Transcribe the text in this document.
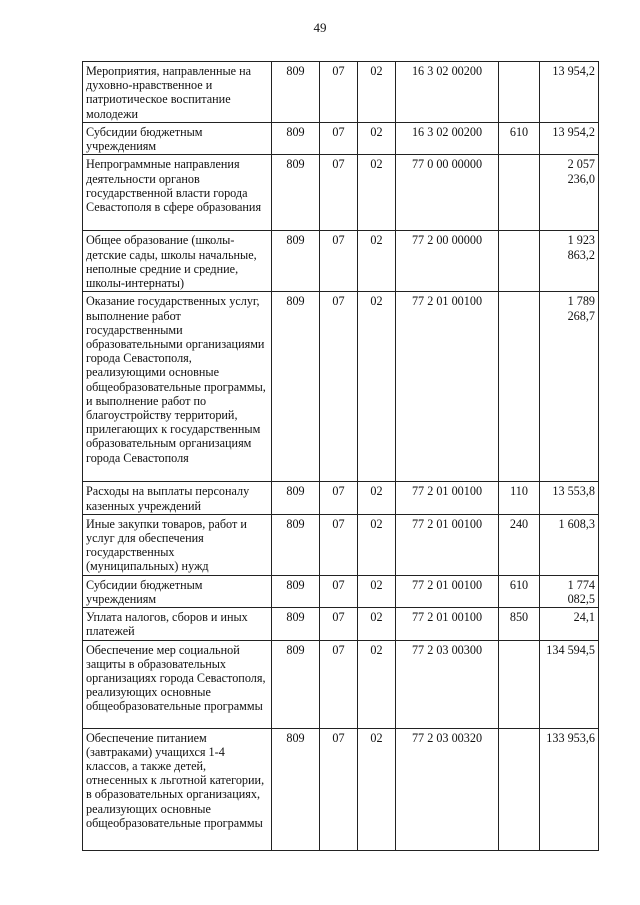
49
Мероприятия, направленные на духовно-нравственное и патриотическое воспитание молодежи	809	07	02	16 3 02 00200		13 954,2
Субсидии бюджетным учреждениям	809	07	02	16 3 02 00200	610	13 954,2
Непрограммные направления деятельности органов государственной власти города Севастополя в сфере образования	809	07	02	77 0 00 00000		2 057 236,0
Общее образование (школы-детские сады, школы начальные, неполные средние и средние, школы-интернаты)	809	07	02	77 2 00 00000		1 923 863,2
Оказание государственных услуг, выполнение работ государственными образовательными организациями города Севастополя, реализующими основные общеобразовательные программы, и выполнение работ по благоустройству территорий, прилегающих к государственным образовательным организациям города Севастополя	809	07	02	77 2 01 00100		1 789 268,7
Расходы на выплаты персоналу казенных учреждений	809	07	02	77 2 01 00100	110	13 553,8
Иные закупки товаров, работ и услуг для обеспечения государственных (муниципальных) нужд	809	07	02	77 2 01 00100	240	1 608,3
Субсидии бюджетным учреждениям	809	07	02	77 2 01 00100	610	1 774 082,5
Уплата налогов, сборов и иных платежей	809	07	02	77 2 01 00100	850	24,1
Обеспечение мер социальной защиты в образовательных организациях города Севастополя, реализующих основные общеобразовательные программы	809	07	02	77 2 03 00300		134 594,5
Обеспечение питанием (завтраками) учащихся 1-4 классов, а также детей, отнесенных к льготной категории, в образовательных организациях, реализующих основные общеобразовательные программы	809	07	02	77 2 03 00320		133 953,6
